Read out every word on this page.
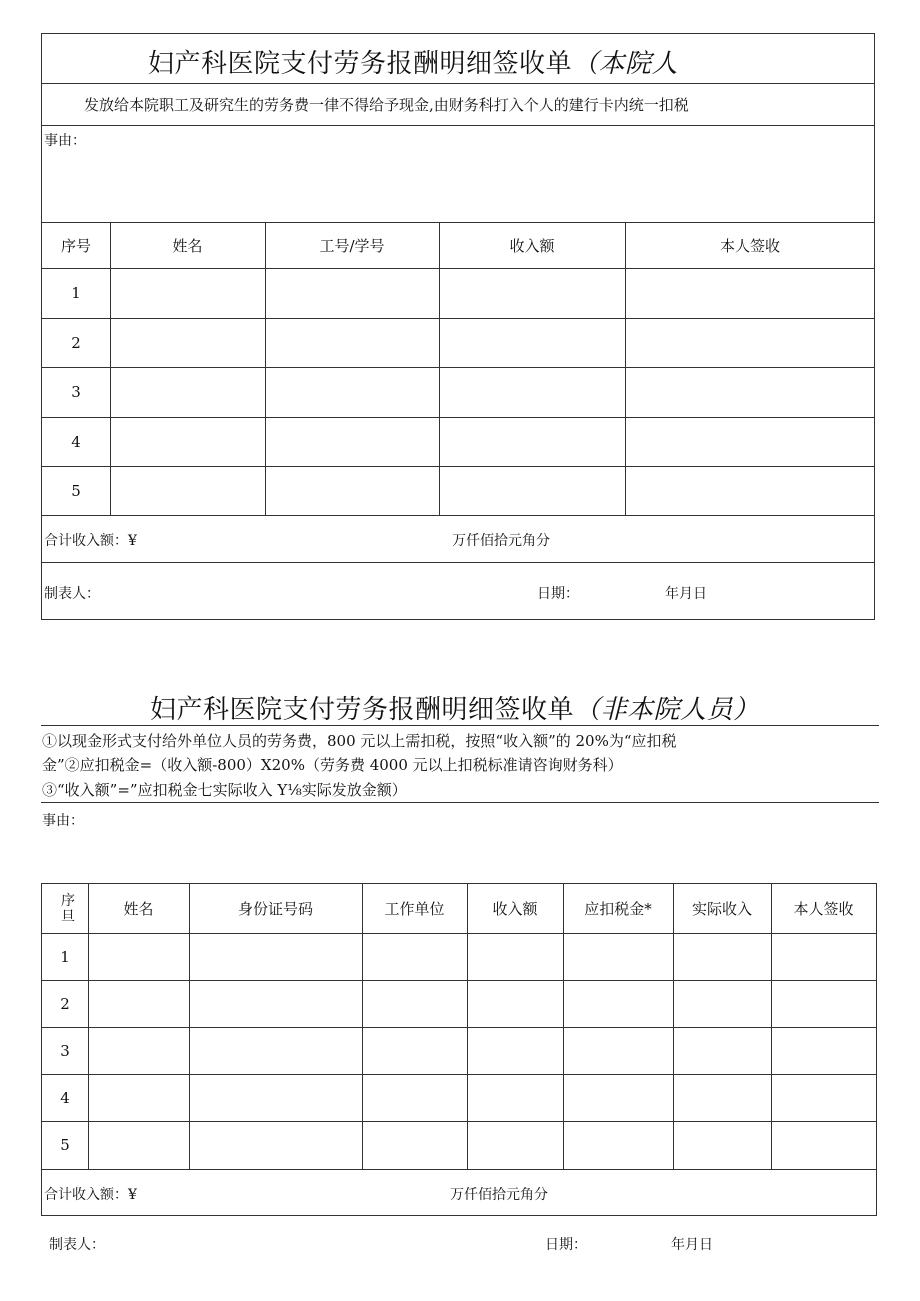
妇产科医院支付劳务报酬明细签收单（本院人
发放给本院职工及研究生的劳务费一律不得给予现金,由财务科打入个人的建行卡内统一扣税
事由：
序号	姓名	工号/学号	收入额	本人签收
1
2
3
4
5
合计收入额：¥	万仟佰拾元角分
制表人：	日期：	年月日
妇产科医院支付劳务报酬明细签收单（非本院人员）
①以现金形式支付给外单位人员的劳务费，800 元以上需扣税，按照“收入额”的 20%为“应扣税
金”②应扣税金=（收入额-800）X20%（劳务费 4000 元以上扣税标准请咨询财务科）
③“收入额”=”应扣税金七实际收入 Y⅛实际发放金额）
事由：
序旦	姓名	身份证号码	工作单位	收入额	应扣税金*	实际收入	本人签收
1
2
3
4
5
合计收入额：¥	万仟佰拾元角分
制表人：	日期：	年月日
